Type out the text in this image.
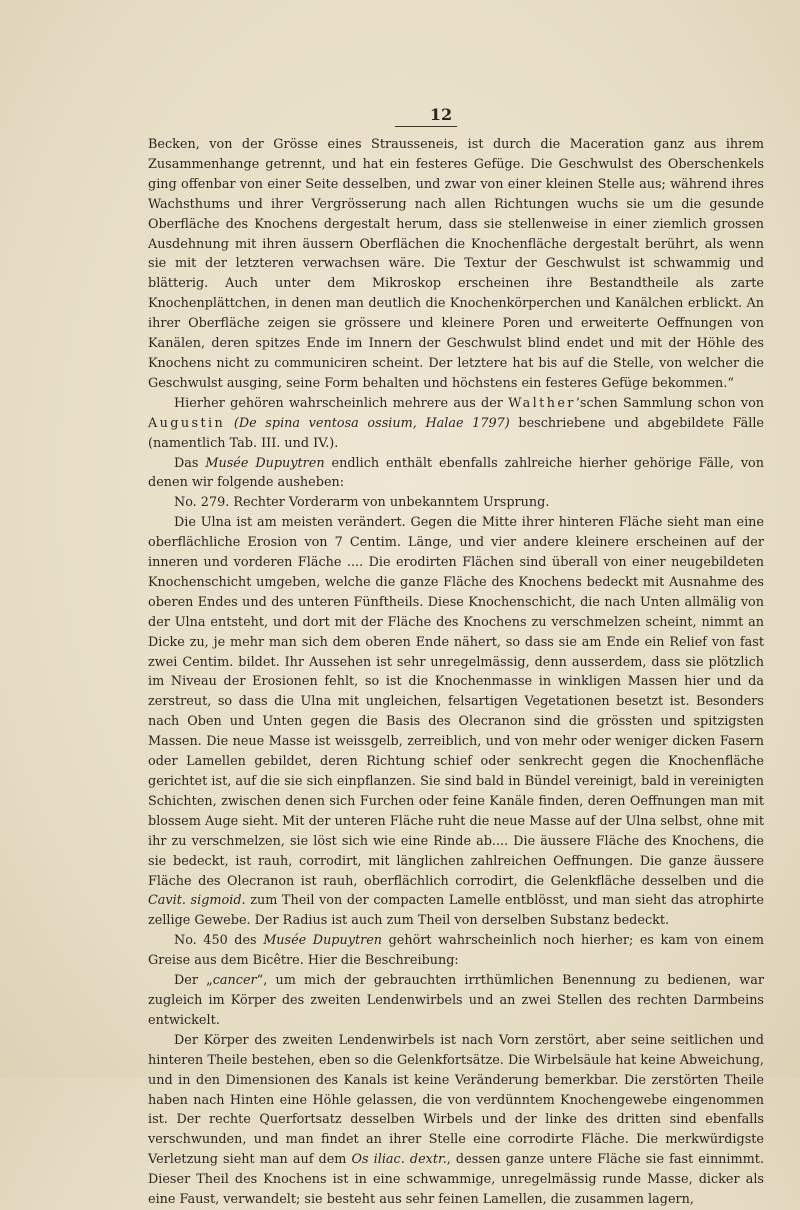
12

Becken, von der Grösse eines Strausseneis, ist durch die Maceration ganz aus ihrem Zusammenhange getrennt, und hat ein festeres Gefüge. Die Geschwulst des Oberschenkels ging offenbar von einer Seite desselben, und zwar von einer kleinen Stelle aus; während ihres Wachsthums und ihrer Vergrösserung nach allen Richtungen wuchs sie um die gesunde Oberfläche des Knochens dergestalt herum, dass sie stellenweise in einer ziemlich grossen Ausdehnung mit ihren äussern Oberflächen die Knochenfläche dergestalt berührt, als wenn sie mit der letzteren verwachsen wäre. Die Textur der Geschwulst ist schwammig und blätterig. Auch unter dem Mikroskop erscheinen ihre Bestandtheile als zarte Knochenplättchen, in denen man deutlich die Knochenkörperchen und Kanälchen erblickt. An ihrer Oberfläche zeigen sie grössere und kleinere Poren und erweiterte Oeffnungen von Kanälen, deren spitzes Ende im Innern der Geschwulst blind endet und mit der Höhle des Knochens nicht zu communiciren scheint. Der letztere hat bis auf die Stelle, von welcher die Geschwulst ausging, seine Form behalten und höchstens ein festeres Gefüge bekommen.“

Hierher gehören wahrscheinlich mehrere aus der Walther’schen Sammlung schon von Augustin (De spina ventosa ossium, Halae 1797) beschriebene und abgebildete Fälle (namentlich Tab. III. und IV.).

Das Musée Dupuytren endlich enthält ebenfalls zahlreiche hierher gehörige Fälle, von denen wir folgende ausheben:

No. 279. Rechter Vorderarm von unbekanntem Ursprung.

Die Ulna ist am meisten verändert. Gegen die Mitte ihrer hinteren Fläche sieht man eine oberflächliche Erosion von 7 Centim. Länge, und vier andere kleinere erscheinen auf der inneren und vorderen Fläche .... Die erodirten Flächen sind überall von einer neugebildeten Knochenschicht umgeben, welche die ganze Fläche des Knochens bedeckt mit Ausnahme des oberen Endes und des unteren Fünftheils. Diese Knochenschicht, die nach Unten allmälig von der Ulna entsteht, und dort mit der Fläche des Knochens zu verschmelzen scheint, nimmt an Dicke zu, je mehr man sich dem oberen Ende nähert, so dass sie am Ende ein Relief von fast zwei Centim. bildet. Ihr Aussehen ist sehr unregelmässig, denn ausserdem, dass sie plötzlich im Niveau der Erosionen fehlt, so ist die Knochenmasse in winkligen Massen hier und da zerstreut, so dass die Ulna mit ungleichen, felsartigen Vegetationen besetzt ist. Besonders nach Oben und Unten gegen die Basis des Olecranon sind die grössten und spitzigsten Massen. Die neue Masse ist weissgelb, zerreiblich, und von mehr oder weniger dicken Fasern oder Lamellen gebildet, deren Richtung schief oder senkrecht gegen die Knochenfläche gerichtet ist, auf die sie sich einpflanzen. Sie sind bald in Bündel vereinigt, bald in vereinigten Schichten, zwischen denen sich Furchen oder feine Kanäle finden, deren Oeffnungen man mit blossem Auge sieht. Mit der unteren Fläche ruht die neue Masse auf der Ulna selbst, ohne mit ihr zu verschmelzen, sie löst sich wie eine Rinde ab.... Die äussere Fläche des Knochens, die sie bedeckt, ist rauh, corrodirt, mit länglichen zahlreichen Oeffnungen. Die ganze äussere Fläche des Olecranon ist rauh, oberflächlich corrodirt, die Gelenkfläche desselben und die Cavit. sigmoid. zum Theil von der compacten Lamelle entblösst, und man sieht das atrophirte zellige Gewebe. Der Radius ist auch zum Theil von derselben Substanz bedeckt.

No. 450 des Musée Dupuytren gehört wahrscheinlich noch hierher; es kam von einem Greise aus dem Bicêtre. Hier die Beschreibung:

Der „cancer“, um mich der gebrauchten irrthümlichen Benennung zu bedienen, war zugleich im Körper des zweiten Lendenwirbels und an zwei Stellen des rechten Darmbeins entwickelt.

Der Körper des zweiten Lendenwirbels ist nach Vorn zerstört, aber seine seitlichen und hinteren Theile bestehen, eben so die Gelenkfortsätze. Die Wirbelsäule hat keine Abweichung, und in den Dimensionen des Kanals ist keine Veränderung bemerkbar. Die zerstörten Theile haben nach Hinten eine Höhle gelassen, die von verdünntem Knochengewebe eingenommen ist. Der rechte Querfortsatz desselben Wirbels und der linke des dritten sind ebenfalls verschwunden, und man findet an ihrer Stelle eine corrodirte Fläche. Die merkwürdigste Verletzung sieht man auf dem Os iliac. dextr., dessen ganze untere Fläche sie fast einnimmt. Dieser Theil des Knochens ist in eine schwammige, unregelmässig runde Masse, dicker als eine Faust, verwandelt; sie besteht aus sehr feinen Lamellen, die zusammen lagern,
